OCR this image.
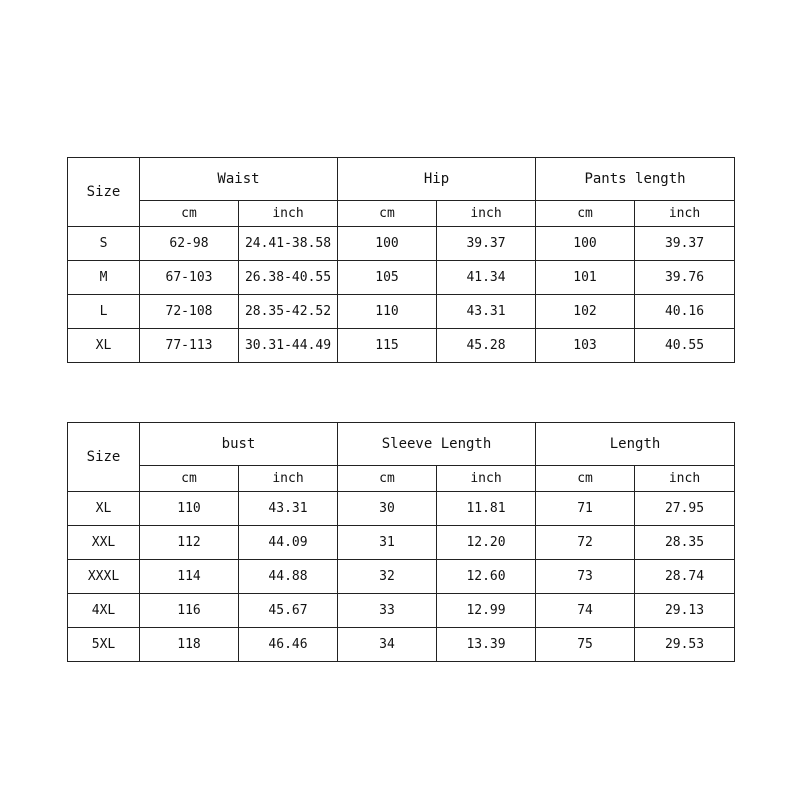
Size	Waist		Hip		Pants length	
	cm	inch	cm	inch	cm	inch
S	62-98	24.41-38.58	100	39.37	100	39.37
M	67-103	26.38-40.55	105	41.34	101	39.76
L	72-108	28.35-42.52	110	43.31	102	40.16
XL	77-113	30.31-44.49	115	45.28	103	40.55
Size	bust		Sleeve Length		Length	
	cm	inch	cm	inch	cm	inch
XL	110	43.31	30	11.81	71	27.95
XXL	112	44.09	31	12.20	72	28.35
XXXL	114	44.88	32	12.60	73	28.74
4XL	116	45.67	33	12.99	74	29.13
5XL	118	46.46	34	13.39	75	29.53
